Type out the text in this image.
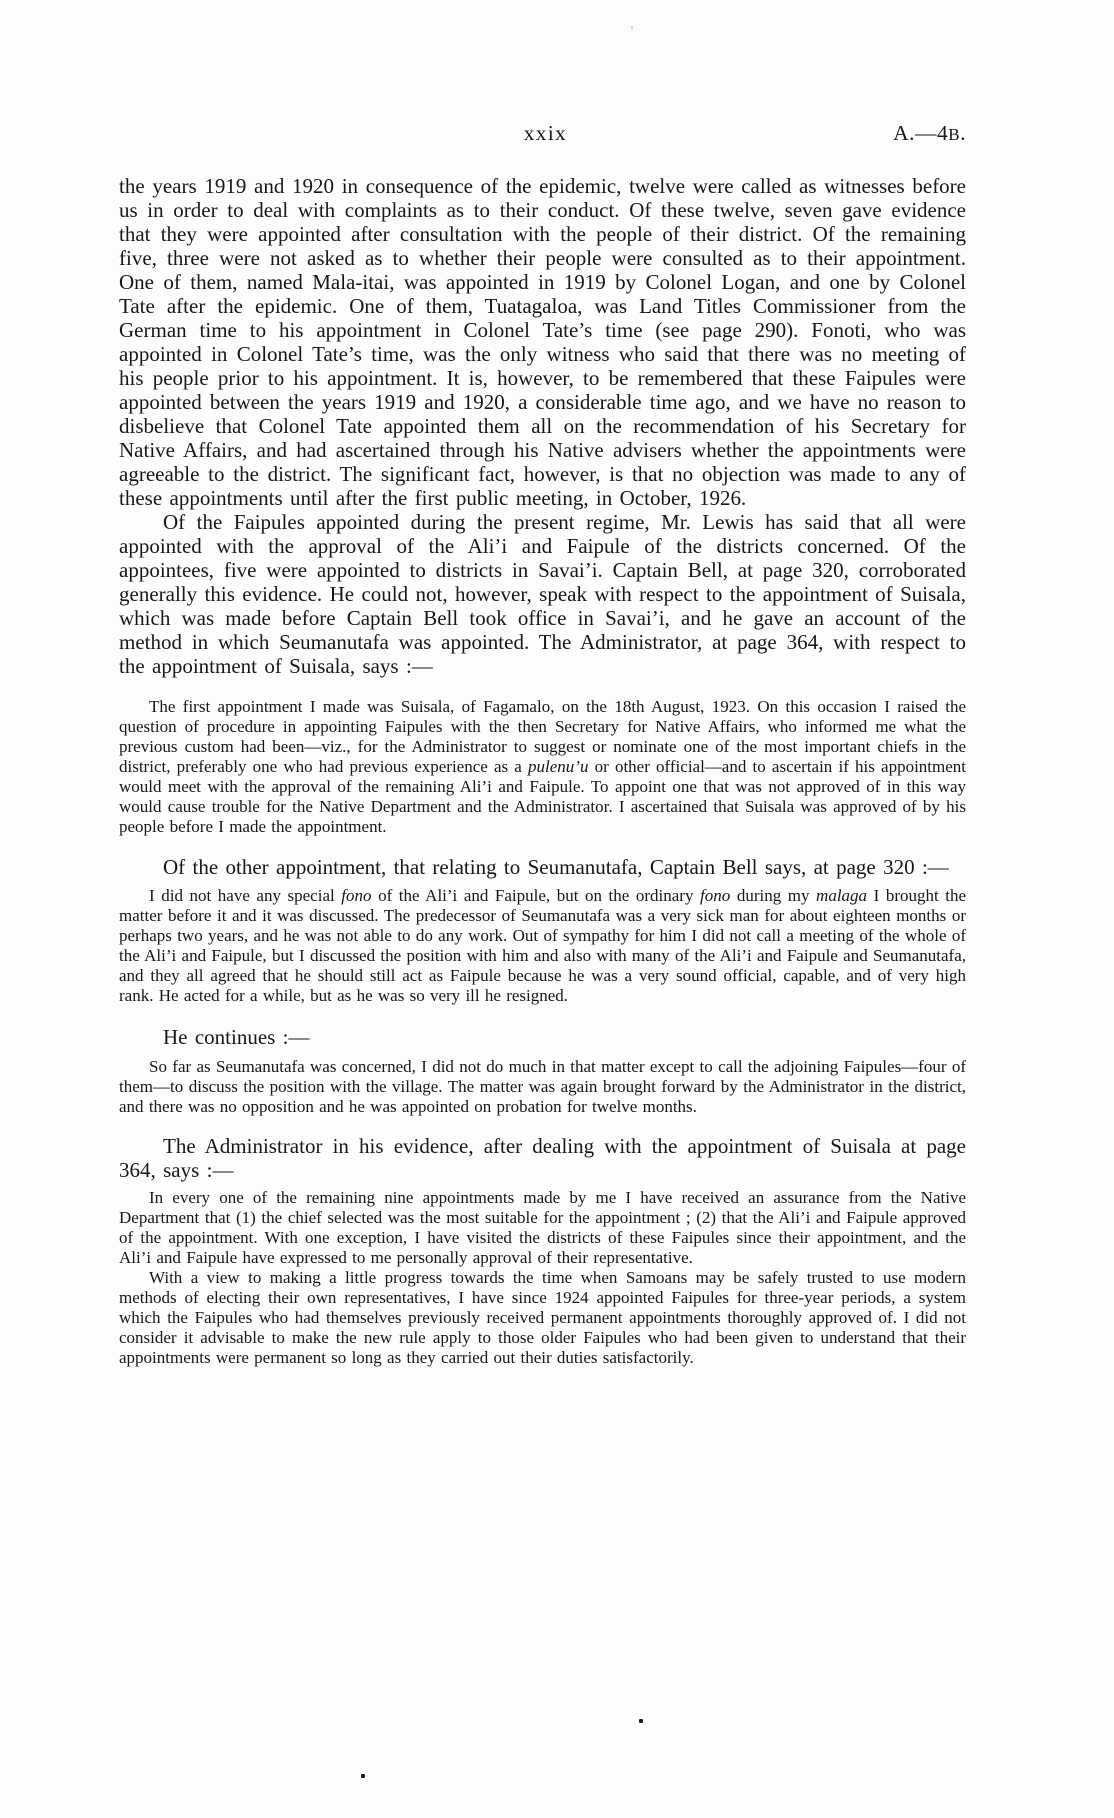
xxix	A.—4B.

the years 1919 and 1920 in consequence of the epidemic, twelve were called as witnesses before us in order to deal with complaints as to their conduct. Of these twelve, seven gave evidence that they were appointed after consultation with the people of their district. Of the remaining five, three were not asked as to whether their people were consulted as to their appointment. One of them, named Mala-itai, was appointed in 1919 by Colonel Logan, and one by Colonel Tate after the epidemic. One of them, Tuatagaloa, was Land Titles Commissioner from the German time to his appointment in Colonel Tate’s time (see page 290). Fonoti, who was appointed in Colonel Tate’s time, was the only witness who said that there was no meeting of his people prior to his appointment. It is, however, to be remembered that these Faipules were appointed between the years 1919 and 1920, a considerable time ago, and we have no reason to disbelieve that Colonel Tate appointed them all on the recommendation of his Secretary for Native Affairs, and had ascertained through his Native advisers whether the appointments were agreeable to the district. The significant fact, however, is that no objection was made to any of these appointments until after the first public meeting, in October, 1926.

Of the Faipules appointed during the present regime, Mr. Lewis has said that all were appointed with the approval of the Ali’i and Faipule of the districts concerned. Of the appointees, five were appointed to districts in Savai’i. Captain Bell, at page 320, corroborated generally this evidence. He could not, however, speak with respect to the appointment of Suisala, which was made before Captain Bell took office in Savai’i, and he gave an account of the method in which Seumanutafa was appointed. The Administrator, at page 364, with respect to the appointment of Suisala, says :—

The first appointment I made was Suisala, of Fagamalo, on the 18th August, 1923. On this occasion I raised the question of procedure in appointing Faipules with the then Secretary for Native Affairs, who informed me what the previous custom had been—viz., for the Administrator to suggest or nominate one of the most important chiefs in the district, preferably one who had previous experience as a pulenu’u or other official—and to ascertain if his appointment would meet with the approval of the remaining Ali’i and Faipule. To appoint one that was not approved of in this way would cause trouble for the Native Department and the Administrator. I ascertained that Suisala was approved of by his people before I made the appointment.

Of the other appointment, that relating to Seumanutafa, Captain Bell says, at page 320 :—

I did not have any special fono of the Ali’i and Faipule, but on the ordinary fono during my malaga I brought the matter before it and it was discussed. The predecessor of Seumanutafa was a very sick man for about eighteen months or perhaps two years, and he was not able to do any work. Out of sympathy for him I did not call a meeting of the whole of the Ali’i and Faipule, but I discussed the position with him and also with many of the Ali’i and Faipule and Seumanutafa, and they all agreed that he should still act as Faipule because he was a very sound official, capable, and of very high rank. He acted for a while, but as he was so very ill he resigned.

He continues :—

So far as Seumanutafa was concerned, I did not do much in that matter except to call the adjoining Faipules—four of them—to discuss the position with the village. The matter was again brought forward by the Administrator in the district, and there was no opposition and he was appointed on probation for twelve months.

The Administrator in his evidence, after dealing with the appointment of Suisala at page 364, says :—

In every one of the remaining nine appointments made by me I have received an assurance from the Native Department that (1) the chief selected was the most suitable for the appointment ; (2) that the Ali’i and Faipule approved of the appointment. With one exception, I have visited the districts of these Faipules since their appointment, and the Ali’i and Faipule have expressed to me personally approval of their representative.

With a view to making a little progress towards the time when Samoans may be safely trusted to use modern methods of electing their own representatives, I have since 1924 appointed Faipules for three-year periods, a system which the Faipules who had themselves previously received permanent appointments thoroughly approved of. I did not consider it advisable to make the new rule apply to those older Faipules who had been given to understand that their appointments were permanent so long as they carried out their duties satisfactorily.
